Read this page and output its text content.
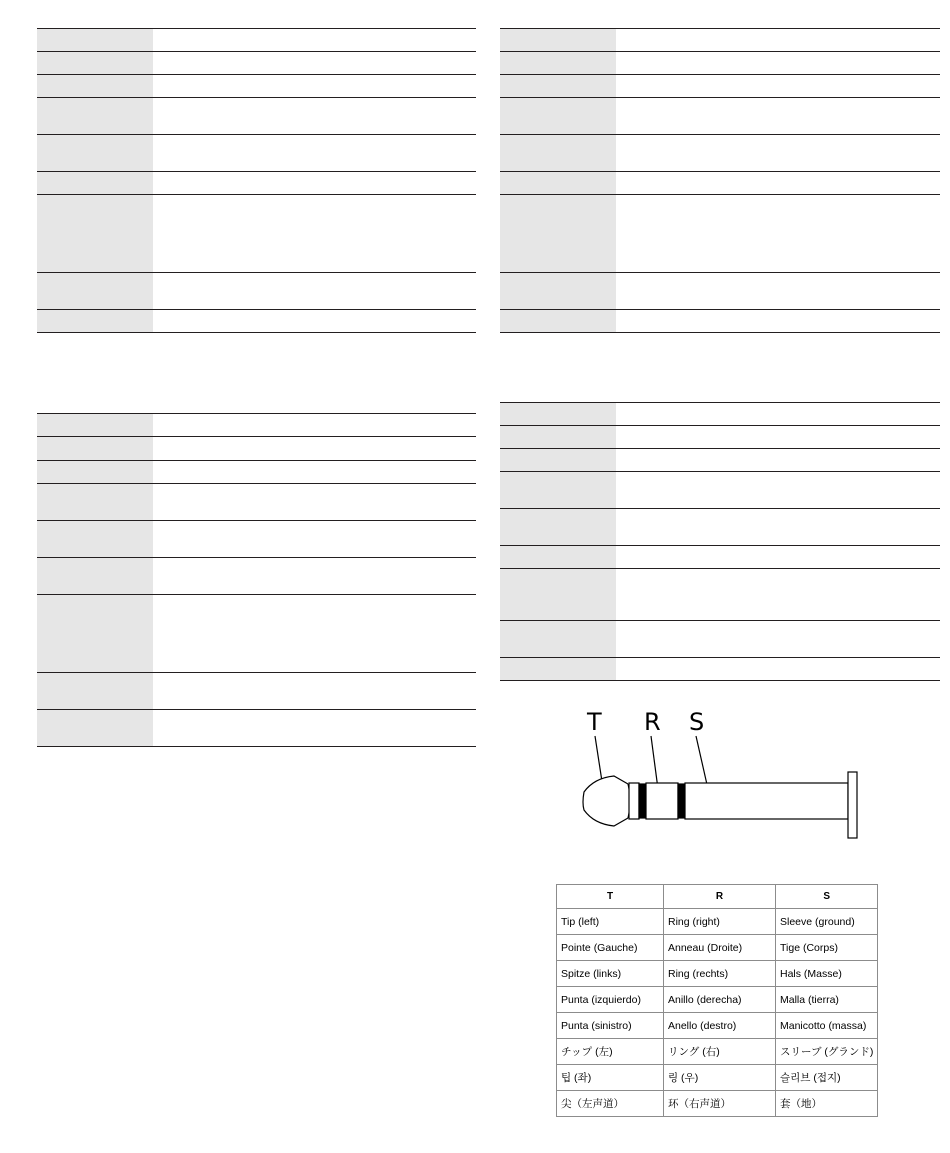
T R S
T	R	S
Tip (left)	Ring (right)	Sleeve (ground)
Pointe (Gauche)	Anneau (Droite)	Tige (Corps)
Spitze (links)	Ring (rechts)	Hals (Masse)
Punta (izquierdo)	Anillo (derecha)	Malla (tierra)
Punta (sinistro)	Anello (destro)	Manicotto (massa)
チップ (左)	リング (右)	スリーブ (グランド)
팁 (좌)	링 (우)	슬리브 (접지)
尖（左声道）	环（右声道）	套（地）
